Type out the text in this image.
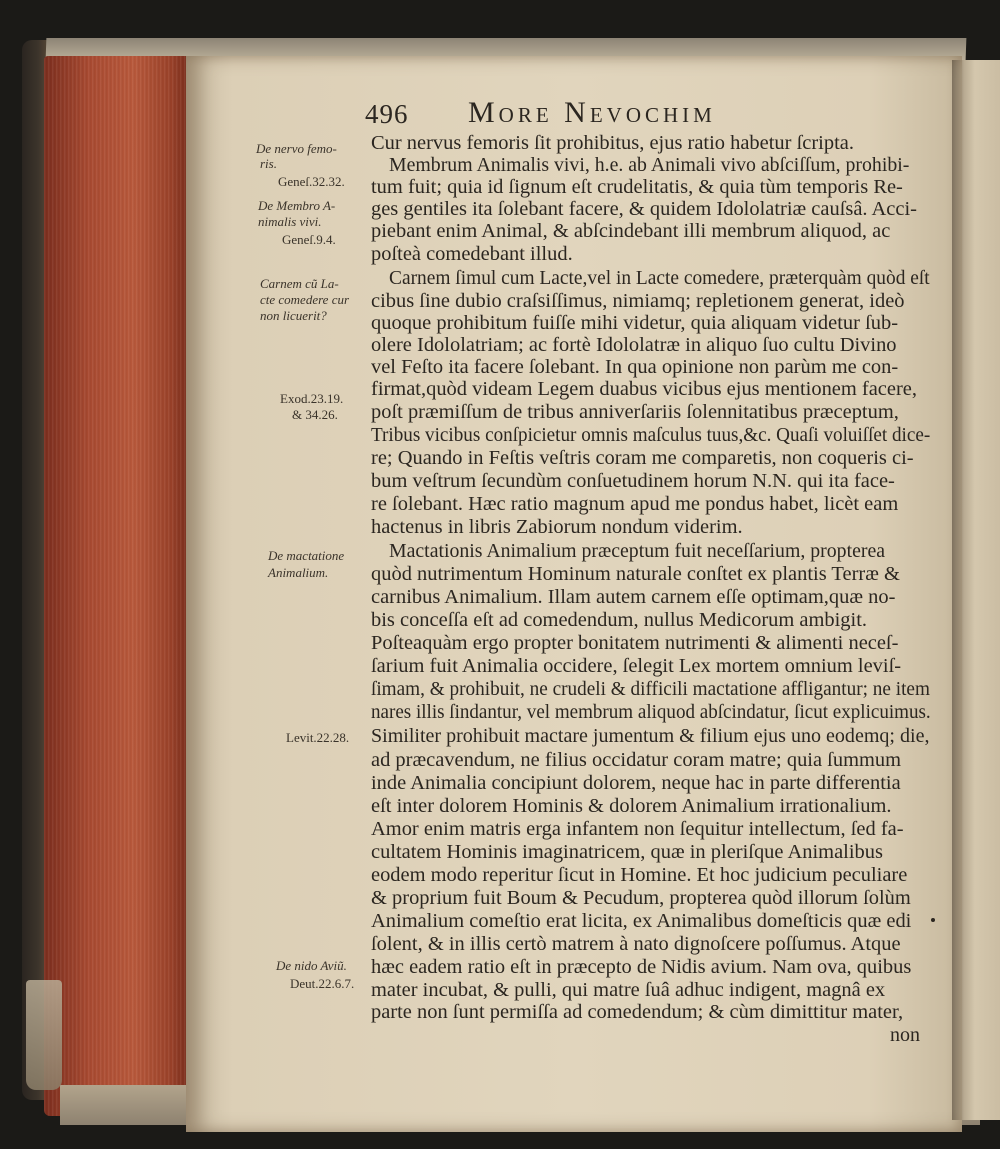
496 More Nevochim
Cur nervus femoris ſit prohibitus, ejus ratio habetur ſcripta.
Membrum Animalis vivi, h.e. ab Animali vivo abſciſſum, prohibi-
tum fuit; quia id ſignum eſt crudelitatis, & quia tùm temporis Re-
ges gentiles ita ſolebant facere, & quidem Idololatriæ cauſsâ. Acci-
piebant enim Animal, & abſcindebant illi membrum aliquod, ac
poſteà comedebant illud.
Carnem ſimul cum Lacte,vel in Lacte comedere, præterquàm quòd eſt
cibus ſine dubio craſsiſſimus, nimiamq; repletionem generat, ideò
quoque prohibitum fuiſſe mihi videtur, quia aliquam videtur ſub-
olere Idololatriam; ac fortè Idololatræ in aliquo ſuo cultu Divino
vel Feſto ita facere ſolebant. In qua opinione non parùm me con-
firmat,quòd videam Legem duabus vicibus ejus mentionem facere,
poſt præmiſſum de tribus anniverſariis ſolennitatibus præceptum,
Tribus vicibus conſpicietur omnis maſculus tuus,&c. Quaſi voluiſſet dice-
re; Quando in Feſtis veſtris coram me comparetis, non coqueris ci-
bum veſtrum ſecundùm conſuetudinem horum N.N. qui ita face-
re ſolebant. Hæc ratio magnum apud me pondus habet, licèt eam
hactenus in libris Zabiorum nondum viderim.
Mactationis Animalium præceptum fuit neceſſarium, propterea
quòd nutrimentum Hominum naturale conſtet ex plantis Terræ &
carnibus Animalium. Illam autem carnem eſſe optimam,quæ no-
bis conceſſa eſt ad comedendum, nullus Medicorum ambigit.
Poſteaquàm ergo propter bonitatem nutrimenti & alimenti neceſ-
ſarium fuit Animalia occidere, ſelegit Lex mortem omnium leviſ-
ſimam, & prohibuit, ne crudeli & difficili mactatione affligantur; ne item
nares illis ſindantur, vel membrum aliquod abſcindatur, ſicut explicuimus.
Similiter prohibuit mactare jumentum & filium ejus uno eodemq; die,
ad præcavendum, ne filius occidatur coram matre; quia ſummum
inde Animalia concipiunt dolorem, neque hac in parte differentia
eſt inter dolorem Hominis & dolorem Animalium irrationalium.
Amor enim matris erga infantem non ſequitur intellectum, ſed fa-
cultatem Hominis imaginatricem, quæ in pleriſque Animalibus
eodem modo reperitur ſicut in Homine. Et hoc judicium peculiare
& proprium fuit Boum & Pecudum, propterea quòd illorum ſolùm
Animalium comeſtio erat licita, ex Animalibus domeſticis quæ edi
ſolent, & in illis certò matrem à nato dignoſcere poſſumus. Atque
hæc eadem ratio eſt in præcepto de Nidis avium. Nam ova, quibus
mater incubat, & pulli, qui matre ſuâ adhuc indigent, magnâ ex
parte non ſunt permiſſa ad comedendum; & cùm dimittitur mater,
non
De nervo femo-
ris.
Geneſ.32.32.
De Membro A-
nimalis vivi.
Geneſ.9.4.
Carnem cũ La-
cte comedere cur
non licuerit?
Exod.23.19.
& 34.26.
De mactatione
Animalium.
Levit.22.28.
De nido Aviũ.
Deut.22.6.7.
